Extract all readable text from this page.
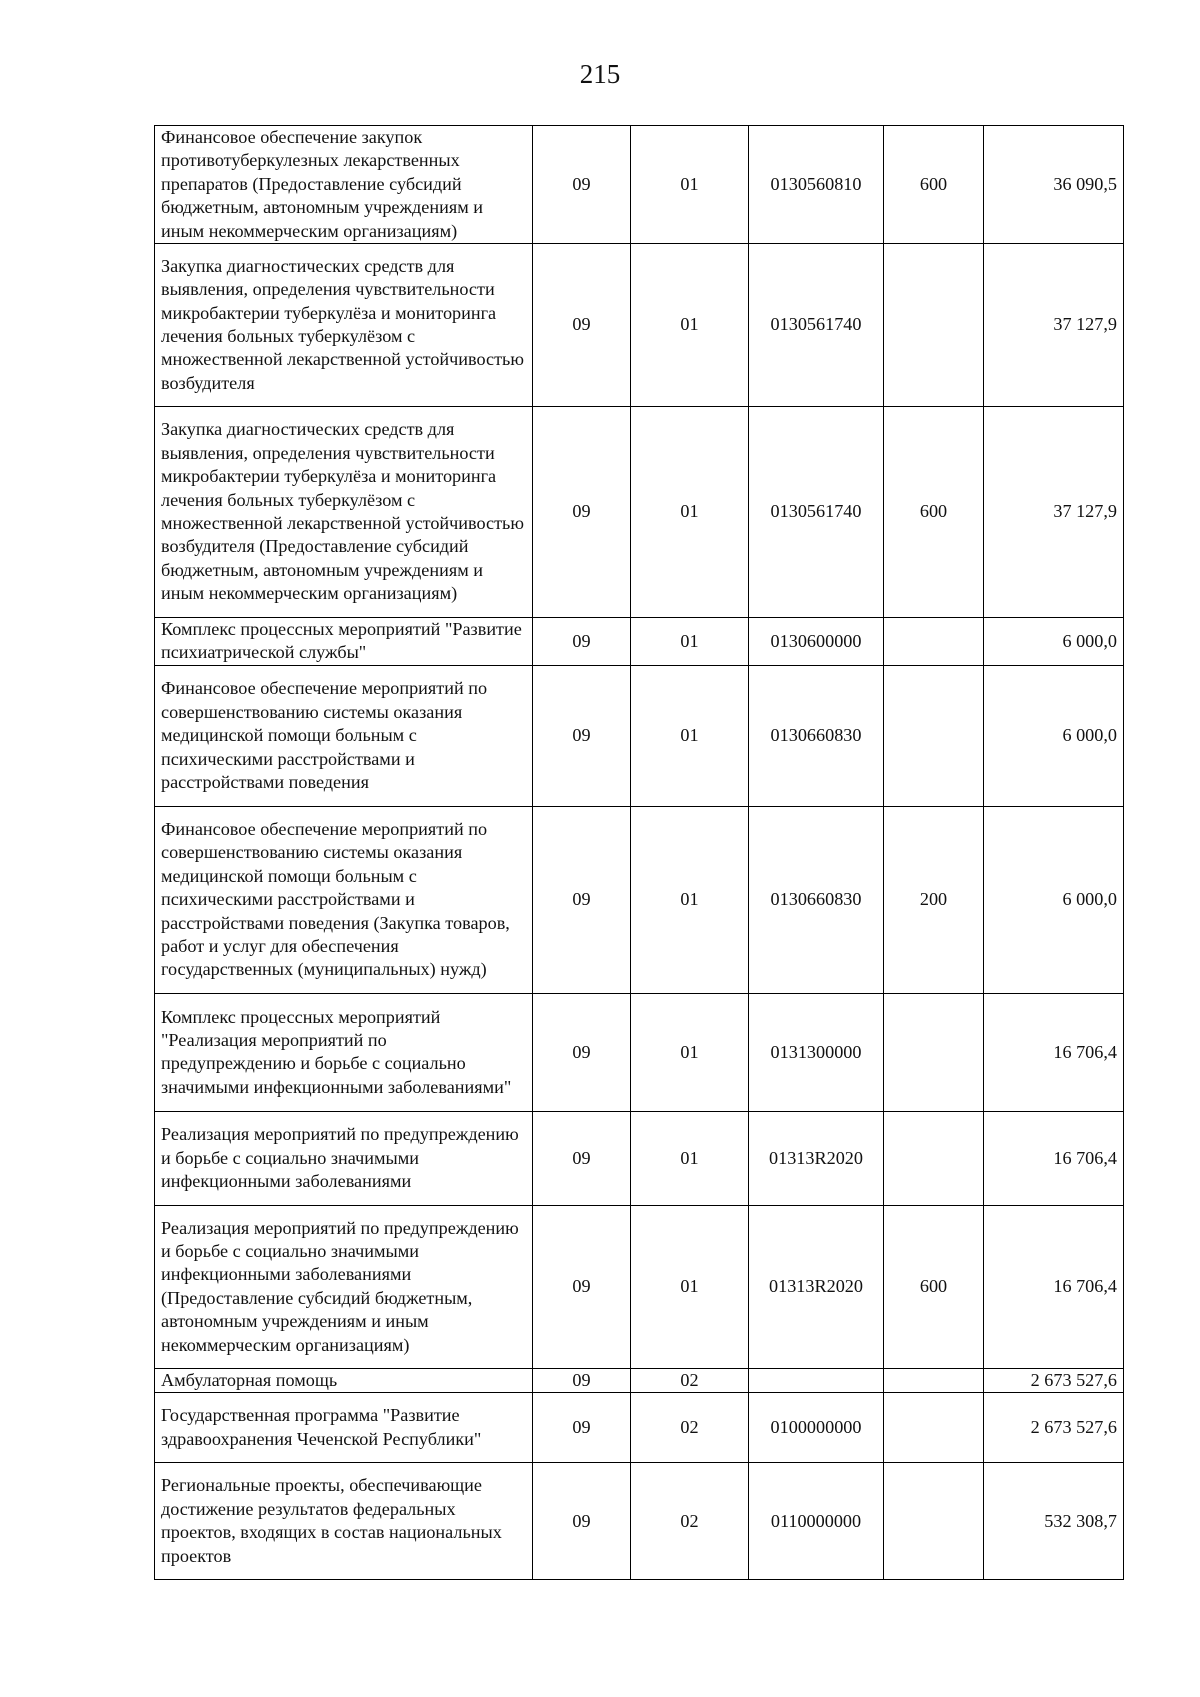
215
Финансовое обеспечение закупок противотуберкулезных лекарственных препаратов (Предоставление субсидий бюджетным, автономным учреждениям и иным некоммерческим организациям)	09	01	0130560810	600	36 090,5
Закупка диагностических средств для выявления, определения чувствительности микробактерии туберкулёза и мониторинга лечения больных туберкулёзом с множественной лекарственной устойчивостью возбудителя	09	01	0130561740		37 127,9
Закупка диагностических средств для выявления, определения чувствительности микробактерии туберкулёза и мониторинга лечения больных туберкулёзом с множественной лекарственной устойчивостью возбудителя (Предоставление субсидий бюджетным, автономным учреждениям и иным некоммерческим организациям)	09	01	0130561740	600	37 127,9
Комплекс процессных мероприятий "Развитие психиатрической службы"	09	01	0130600000		6 000,0
Финансовое обеспечение мероприятий по совершенствованию системы оказания медицинской помощи больным с психическими расстройствами и расстройствами поведения	09	01	0130660830		6 000,0
Финансовое обеспечение мероприятий по совершенствованию системы оказания медицинской помощи больным с психическими расстройствами и расстройствами поведения (Закупка товаров, работ и услуг для обеспечения государственных (муниципальных) нужд)	09	01	0130660830	200	6 000,0
Комплекс процессных мероприятий "Реализация мероприятий по предупреждению и борьбе с социально значимыми инфекционными заболеваниями"	09	01	0131300000		16 706,4
Реализация мероприятий по предупреждению и борьбе с социально значимыми инфекционными заболеваниями	09	01	01313R2020		16 706,4
Реализация мероприятий по предупреждению и борьбе с социально значимыми инфекционными заболеваниями (Предоставление субсидий бюджетным, автономным учреждениям и иным некоммерческим организациям)	09	01	01313R2020	600	16 706,4
Амбулаторная помощь	09	02			2 673 527,6
Государственная программа "Развитие здравоохранения Чеченской Республики"	09	02	0100000000		2 673 527,6
Региональные проекты, обеспечивающие достижение результатов федеральных проектов, входящих в состав национальных проектов	09	02	0110000000		532 308,7
